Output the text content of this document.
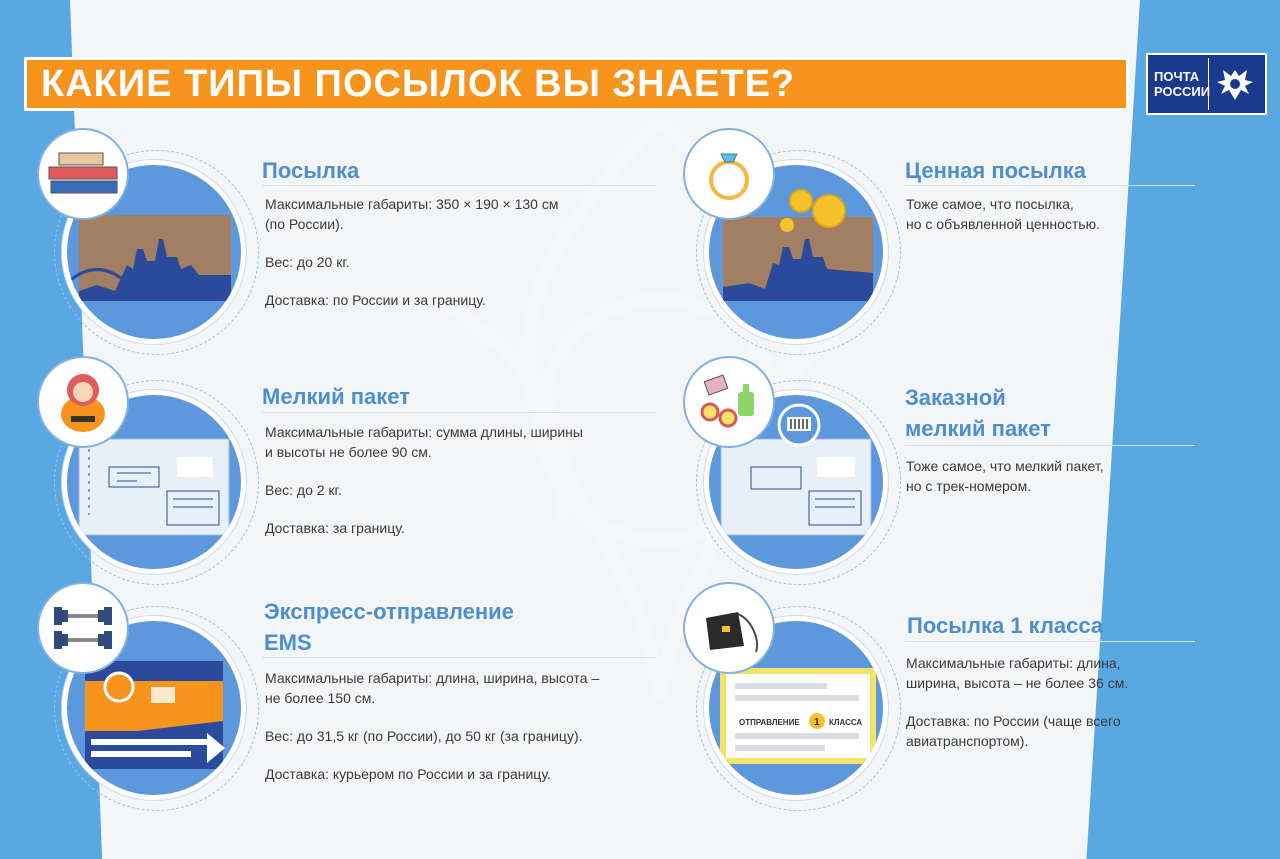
КАКИЕ ТИПЫ ПОСЫЛОК ВЫ ЗНАЕТЕ?	ПОЧТА
РОССИИ
Посылка

Максимальные габариты: 350 × 190 × 130 см
(по России).

Вес: до 20 кг.

Доставка: по России и за границу.

Мелкий пакет

Максимальные габариты: сумма длины, ширины
и высоты не более 90 см.

Вес: до 2 кг.

Доставка: за границу.

Экспресс-отправление
EMS

Максимальные габариты: длина, ширина, высота –
не более 150 см.

Вес: до 31,5 кг (по России), до 50 кг (за границу).

Доставка: курьером по России и за границу.

Ценная посылка

Тоже самое, что посылка,
но с объявленной ценностью.

Заказной
мелкий пакет

Тоже самое, что мелкий пакет,
но с трек-номером.

ОТПРАВЛЕНИЕ 1 КЛАССА
Посылка 1 класса

Максимальные габариты: длина,
ширина, высота – не более 36 см.

Доставка: по России (чаще всего
авиатранспортом).
